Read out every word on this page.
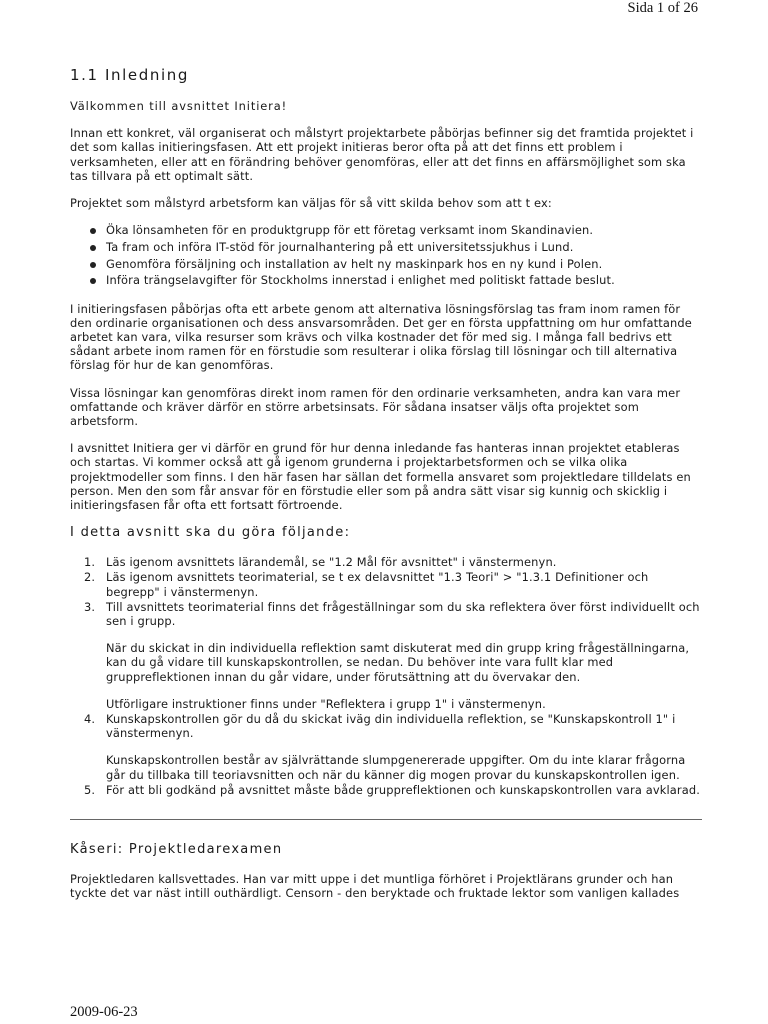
Sida 1 of 26
1.1 Inledning

Välkommen till avsnittet Initiera!

Innan ett konkret, väl organiserat och målstyrt projektarbete påbörjas befinner sig det framtida projektet i det som kallas initieringsfasen. Att ett projekt initieras beror ofta på att det finns ett problem i verksamheten, eller att en förändring behöver genomföras, eller att det finns en affärsmöjlighet som ska tas tillvara på ett optimalt sätt.

Projektet som målstyrd arbetsform kan väljas för så vitt skilda behov som att t ex:

Öka lönsamheten för en produktgrupp för ett företag verksamt inom Skandinavien.
Ta fram och införa IT-stöd för journalhantering på ett universitetssjukhus i Lund.
Genomföra försäljning och installation av helt ny maskinpark hos en ny kund i Polen.
Införa trängselavgifter för Stockholms innerstad i enlighet med politiskt fattade beslut.

I initieringsfasen påbörjas ofta ett arbete genom att alternativa lösningsförslag tas fram inom ramen för den ordinarie organisationen och dess ansvarsområden. Det ger en första uppfattning om hur omfattande arbetet kan vara, vilka resurser som krävs och vilka kostnader det för med sig. I många fall bedrivs ett sådant arbete inom ramen för en förstudie som resulterar i olika förslag till lösningar och till alternativa förslag för hur de kan genomföras.

Vissa lösningar kan genomföras direkt inom ramen för den ordinarie verksamheten, andra kan vara mer omfattande och kräver därför en större arbetsinsats. För sådana insatser väljs ofta projektet som arbetsform.

I avsnittet Initiera ger vi därför en grund för hur denna inledande fas hanteras innan projektet etableras och startas. Vi kommer också att gå igenom grunderna i projektarbetsformen och se vilka olika projektmodeller som finns. I den här fasen har sällan det formella ansvaret som projektledare tilldelats en person. Men den som får ansvar för en förstudie eller som på andra sätt visar sig kunnig och skicklig i initieringsfasen får ofta ett fortsatt förtroende.

I detta avsnitt ska du göra följande:
1. Läs igenom avsnittets lärandemål, se "1.2 Mål för avsnittet" i vänstermenyn.
2. Läs igenom avsnittets teorimaterial, se t ex delavsnittet "1.3 Teori" > "1.3.1 Definitioner och begrepp" i vänstermenyn.
3. Till avsnittets teorimaterial finns det frågeställningar som du ska reflektera över först individuellt och sen i grupp.
När du skickat in din individuella reflektion samt diskuterat med din grupp kring frågeställningarna, kan du gå vidare till kunskapskontrollen, se nedan. Du behöver inte vara fullt klar med gruppreflektionen innan du går vidare, under förutsättning att du övervakar den.
Utförligare instruktioner finns under "Reflektera i grupp 1" i vänstermenyn.
4. Kunskapskontrollen gör du då du skickat iväg din individuella reflektion, se "Kunskapskontroll 1" i vänstermenyn.
Kunskapskontrollen består av självrättande slumpgenererade uppgifter. Om du inte klarar frågorna går du tillbaka till teoriavsnitten och när du känner dig mogen provar du kunskapskontrollen igen.
5. För att bli godkänd på avsnittet måste både gruppreflektionen och kunskapskontrollen vara avklarad.
Kåseri: Projektledarexamen

Projektledaren kallsvettades. Han var mitt uppe i det muntliga förhöret i Projektlärans grunder och han tyckte det var näst intill outhärdligt. Censorn - den beryktade och fruktade lektor som vanligen kallades

2009-06-23
